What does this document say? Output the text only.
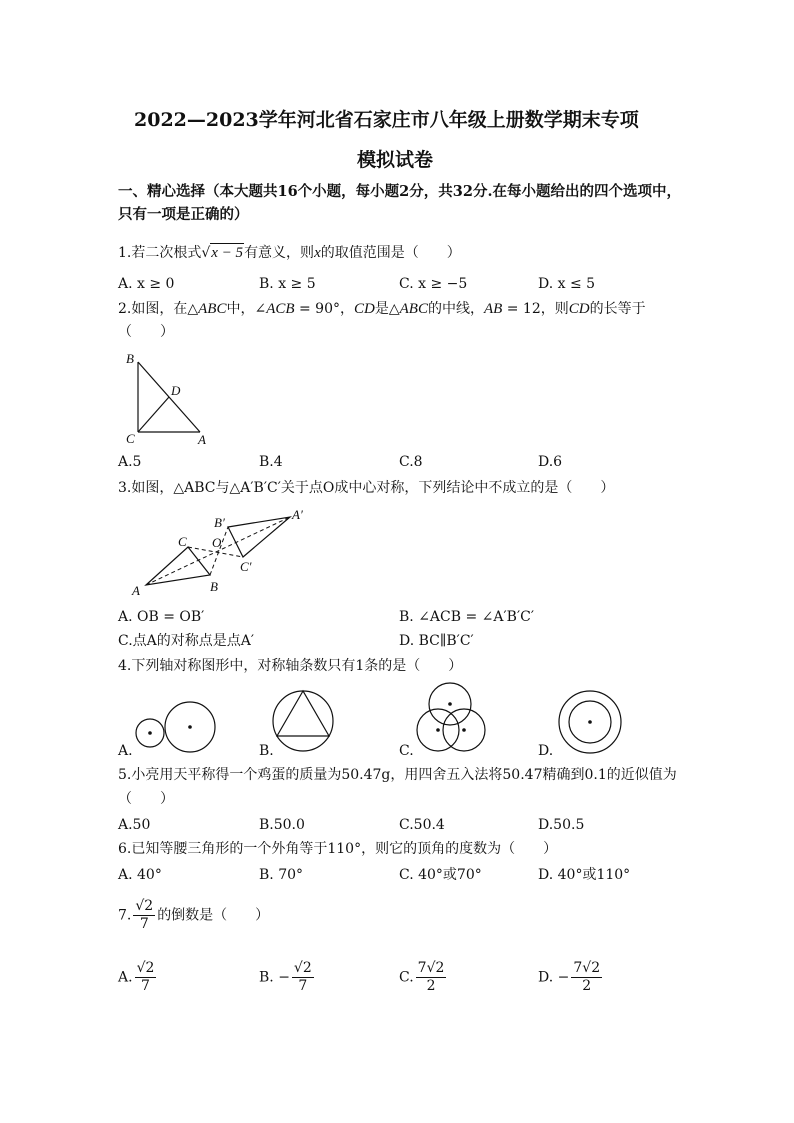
2022—2023学年河北省石家庄市八年级上册数学期末专项
模拟试卷
一、精心选择（本大题共16个小题，每小题2分，共32分.在每小题给出的四个选项中，
只有一项是正确的）
1.若二次根式√x − 5有意义，则x的取值范围是（　　）
A. x ≥ 0	B. x ≥ 5	C. x ≥ −5	D. x ≤ 5
2.如图，在△ABC中，∠ACB = 90°，CD是△ABC的中线，AB = 12，则CD的长等于
（　　）
B
D
C	A
A.5	B.4	C.8	D.6
3.如图，△ABC与△A′B′C′关于点O成中心对称，下列结论中不成立的是（　　）
A′
B′
O
C
C′
A	B
A. OB = OB′	B. ∠ACB = ∠A′B′C′
C.点A的对称点是点A′	D. BC∥B′C′
4.下列轴对称图形中，对称轴条数只有1条的是（　　）
A.	B.	C.	D.
5.小亮用天平称得一个鸡蛋的质量为50.47g，用四舍五入法将50.47精确到0.1的近似值为
（　　）
A.50	B.50.0	C.50.4	D.50.5
6.已知等腰三角形的一个外角等于110°，则它的顶角的度数为（　　）
A. 40°	B. 70°	C. 40°或70°	D. 40°或110°
7. $\frac{√2}{7}$ 的倒数是（　　）
A. $\frac{√2}{7}$	B. − $\frac{√2}{7}$	C. $\frac{7√2}{2}$	D. − $\frac{7√2}{2}$
